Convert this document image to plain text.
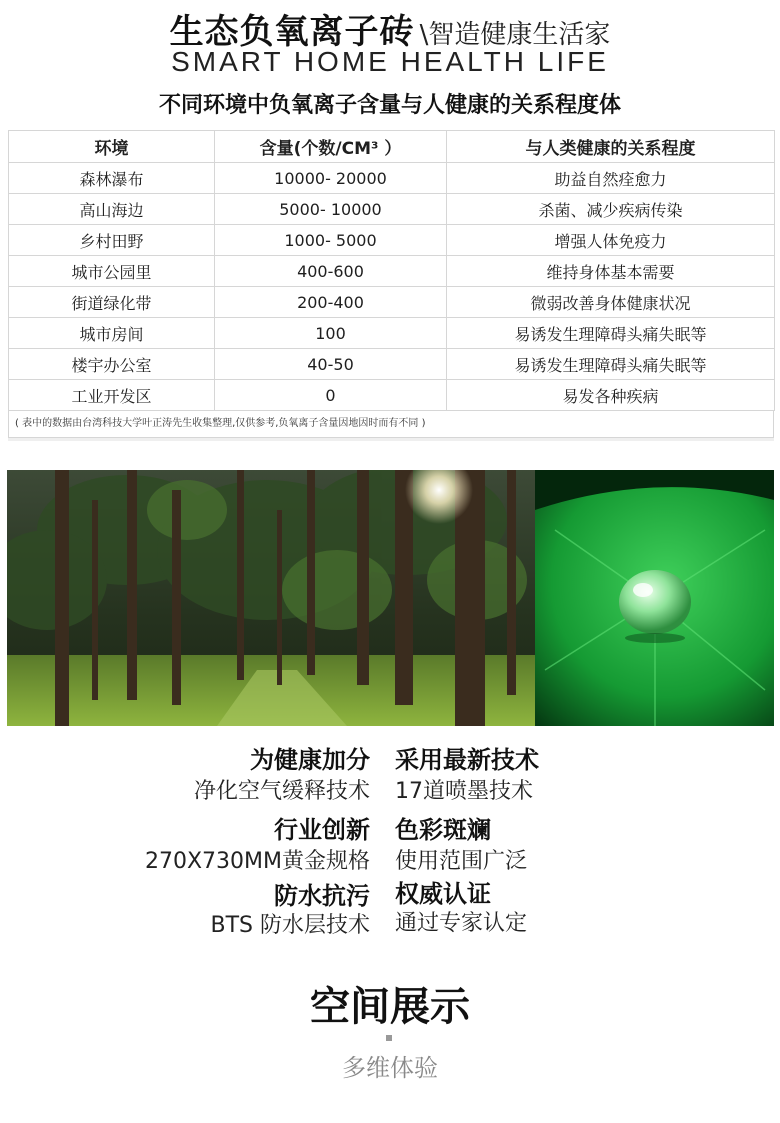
生态负氧离子砖 \智造健康生活家
SMART HOME HEALTH LIFE
不同环境中负氧离子含量与人健康的关系程度体
环境	含量(个数/CM³ ）	与人类健康的关系程度
森林瀑布	10000- 20000	助益自然痊愈力
高山海边	5000- 10000	杀菌、减少疾病传染
乡村田野	1000- 5000	增强人体免疫力
城市公园里	400-600	维持身体基本需要
街道绿化带	200-400	微弱改善身体健康状况
城市房间	100	易诱发生理障碍头痛失眠等
楼宇办公室	40-50	易诱发生理障碍头痛失眠等
工业开发区	0	易发各种疾病
( 表中的数据由台湾科技大学叶正涛先生收集整理,仅供参考,负氧离子含量因地因时而有不同 )
为健康加分 采用最新技术
净化空气缓释技术 17道喷墨技术
行业创新 色彩斑斓
270X730MM黄金规格 使用范围广泛
防水抗污 权威认证
BTS 防水层技术 通过专家认定
空间展示
多维体验
